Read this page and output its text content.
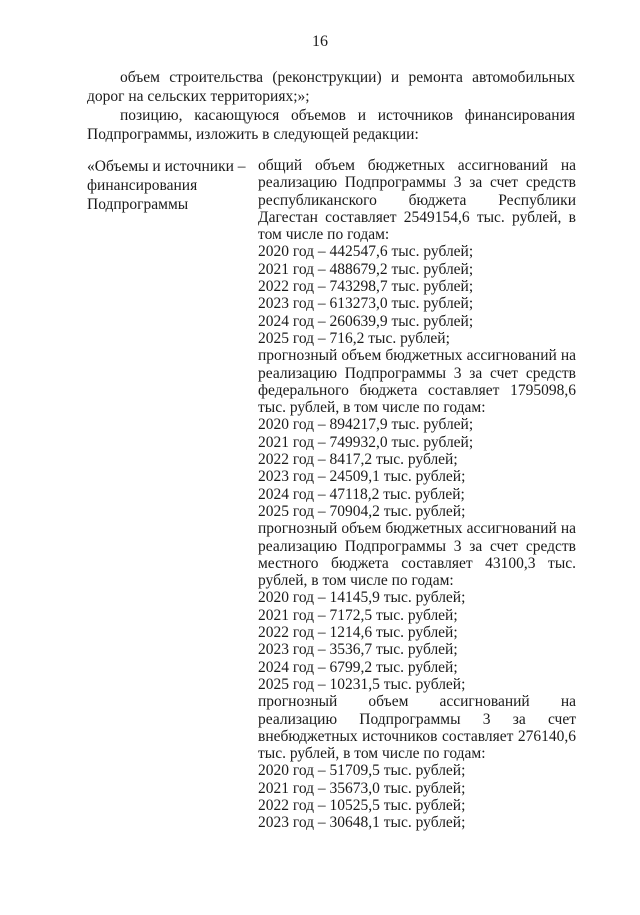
16

объем строительства (реконструкции) и ремонта автомобильных дорог на сельских территориях;»;

позицию, касающуюся объемов и источников финансирования Подпрограммы, изложить в следующей редакции:

«Объемы и источники –
финансирования
Подпрограммы
общий объем бюджетных ассигнований на реализацию Подпрограммы 3 за счет средств республиканского бюджета Республики Дагестан составляет 2549154,6 тыс. рублей, в том числе по годам:
2020 год – 442547,6 тыс. рублей;
2021 год – 488679,2 тыс. рублей;
2022 год – 743298,7 тыс. рублей;
2023 год – 613273,0 тыс. рублей;
2024 год – 260639,9 тыс. рублей;
2025 год – 716,2 тыс. рублей;
прогнозный объем бюджетных ассигнований на реализацию Подпрограммы 3 за счет средств федерального бюджета составляет 1795098,6 тыс. рублей, в том числе по годам:
2020 год – 894217,9 тыс. рублей;
2021 год – 749932,0 тыс. рублей;
2022 год – 8417,2 тыс. рублей;
2023 год – 24509,1 тыс. рублей;
2024 год – 47118,2 тыс. рублей;
2025 год – 70904,2 тыс. рублей;
прогнозный объем бюджетных ассигнований на реализацию Подпрограммы 3 за счет средств местного бюджета составляет 43100,3 тыс. рублей, в том числе по годам:
2020 год – 14145,9 тыс. рублей;
2021 год – 7172,5 тыс. рублей;
2022 год – 1214,6 тыс. рублей;
2023 год – 3536,7 тыс. рублей;
2024 год – 6799,2 тыс. рублей;
2025 год – 10231,5 тыс. рублей;
прогнозный объем ассигнований на реализацию Подпрограммы 3 за счет внебюджетных источников составляет 276140,6 тыс. рублей, в том числе по годам:
2020 год – 51709,5 тыс. рублей;
2021 год – 35673,0 тыс. рублей;
2022 год – 10525,5 тыс. рублей;
2023 год – 30648,1 тыс. рублей;
